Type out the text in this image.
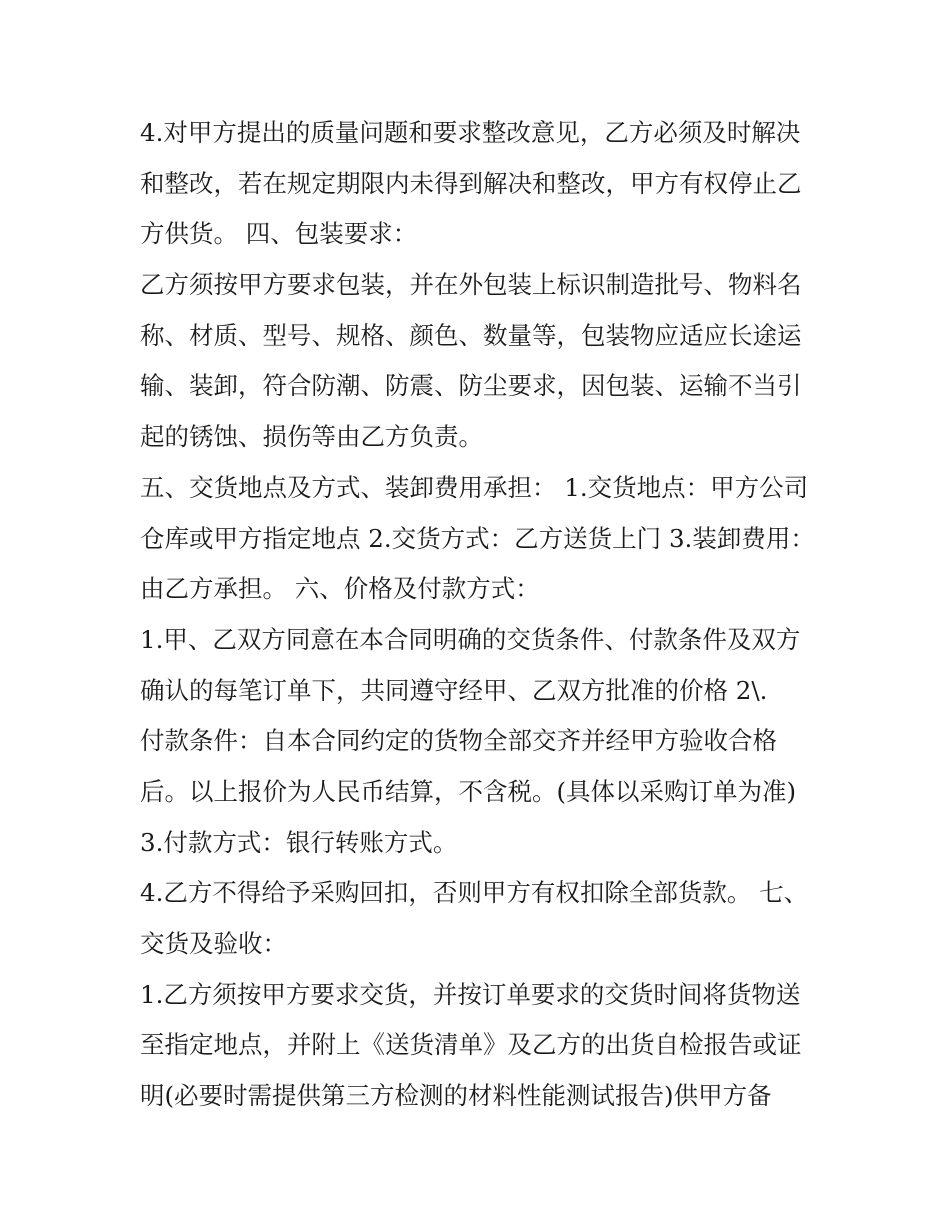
4.对甲方提出的质量问题和要求整改意见，乙方必须及时解决
和整改，若在规定期限内未得到解决和整改，甲方有权停止乙
方供货。 四、包装要求：
乙方须按甲方要求包装，并在外包装上标识制造批号、物料名
称、材质、型号、规格、颜色、数量等，包装物应适应长途运
输、装卸，符合防潮、防震、防尘要求，因包装、运输不当引
起的锈蚀、损伤等由乙方负责。
五、交货地点及方式、装卸费用承担： 1.交货地点：甲方公司
仓库或甲方指定地点 2.交货方式：乙方送货上门 3.装卸费用：
由乙方承担。 六、价格及付款方式：
1.甲、乙双方同意在本合同明确的交货条件、付款条件及双方
确认的每笔订单下，共同遵守经甲、乙双方批准的价格 2\.
付款条件：自本合同约定的货物全部交齐并经甲方验收合格
后。以上报价为人民币结算，不含税。(具体以采购订单为准)
3.付款方式：银行转账方式。
4.乙方不得给予采购回扣，否则甲方有权扣除全部货款。 七、
交货及验收：
1.乙方须按甲方要求交货，并按订单要求的交货时间将货物送
至指定地点，并附上《送货清单》及乙方的出货自检报告或证
明(必要时需提供第三方检测的材料性能测试报告)供甲方备
